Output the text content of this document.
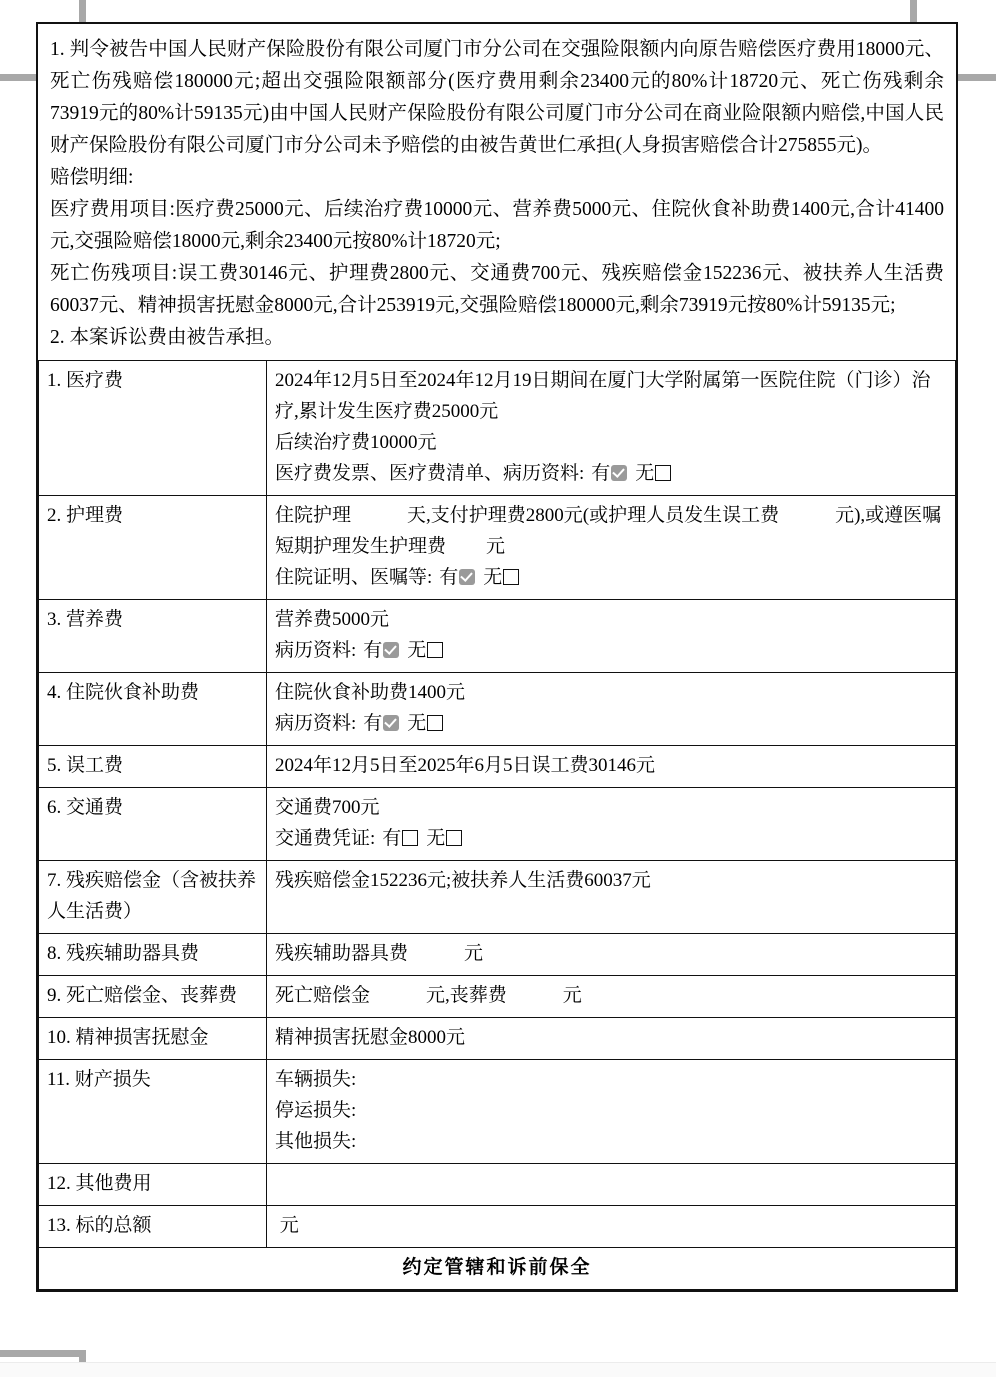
1. 判令被告中国人民财产保险股份有限公司厦门市分公司在交强险限额内向原告赔偿医疗费用18000元、死亡伤残赔偿180000元;超出交强险限额部分(医疗费用剩余23400元的80%计18720元、死亡伤残剩余73919元的80%计59135元)由中国人民财产保险股份有限公司厦门市分公司在商业险限额内赔偿,中国人民财产保险股份有限公司厦门市分公司未予赔偿的由被告黄世仁承担(人身损害赔偿合计275855元)。

赔偿明细:

医疗费用项目:医疗费25000元、后续治疗费10000元、营养费5000元、住院伙食补助费1400元,合计41400元,交强险赔偿18000元,剩余23400元按80%计18720元;

死亡伤残项目:误工费30146元、护理费2800元、交通费700元、残疾赔偿金152236元、被扶养人生活费60037元、精神损害抚慰金8000元,合计253919元,交强险赔偿180000元,剩余73919元按80%计59135元;

2. 本案诉讼费由被告承担。

1. 医疗费	2024年12月5日至2024年12月19日期间在厦门大学附属第一医院住院（门诊）治疗,累计发生医疗费25000元
后续治疗费10000元
医疗费发票、医疗费清单、病历资料: 有 无

2. 护理费	住院护理 天,支付护理费2800元(或护理人员发生误工费 元),或遵医嘱
短期护理发生护理费 元
住院证明、医嘱等: 有 无

3. 营养费	营养费5000元
病历资料: 有 无

4. 住院伙食补助费	住院伙食补助费1400元
病历资料: 有 无

5. 误工费	2024年12月5日至2025年6月5日误工费30146元

6. 交通费	交通费700元
交通费凭证: 有 无

7. 残疾赔偿金（含被扶养人生活费）	残疾赔偿金152236元;被扶养人生活费60037元

8. 残疾辅助器具费	残疾辅助器具费 元

9. 死亡赔偿金、丧葬费	死亡赔偿金 元,丧葬费 元

10. 精神损害抚慰金	精神损害抚慰金8000元

11. 财产损失	车辆损失:
停运损失:
其他损失:

12. 其他费用	
13. 标的总额	元

约定管辖和诉前保全	
